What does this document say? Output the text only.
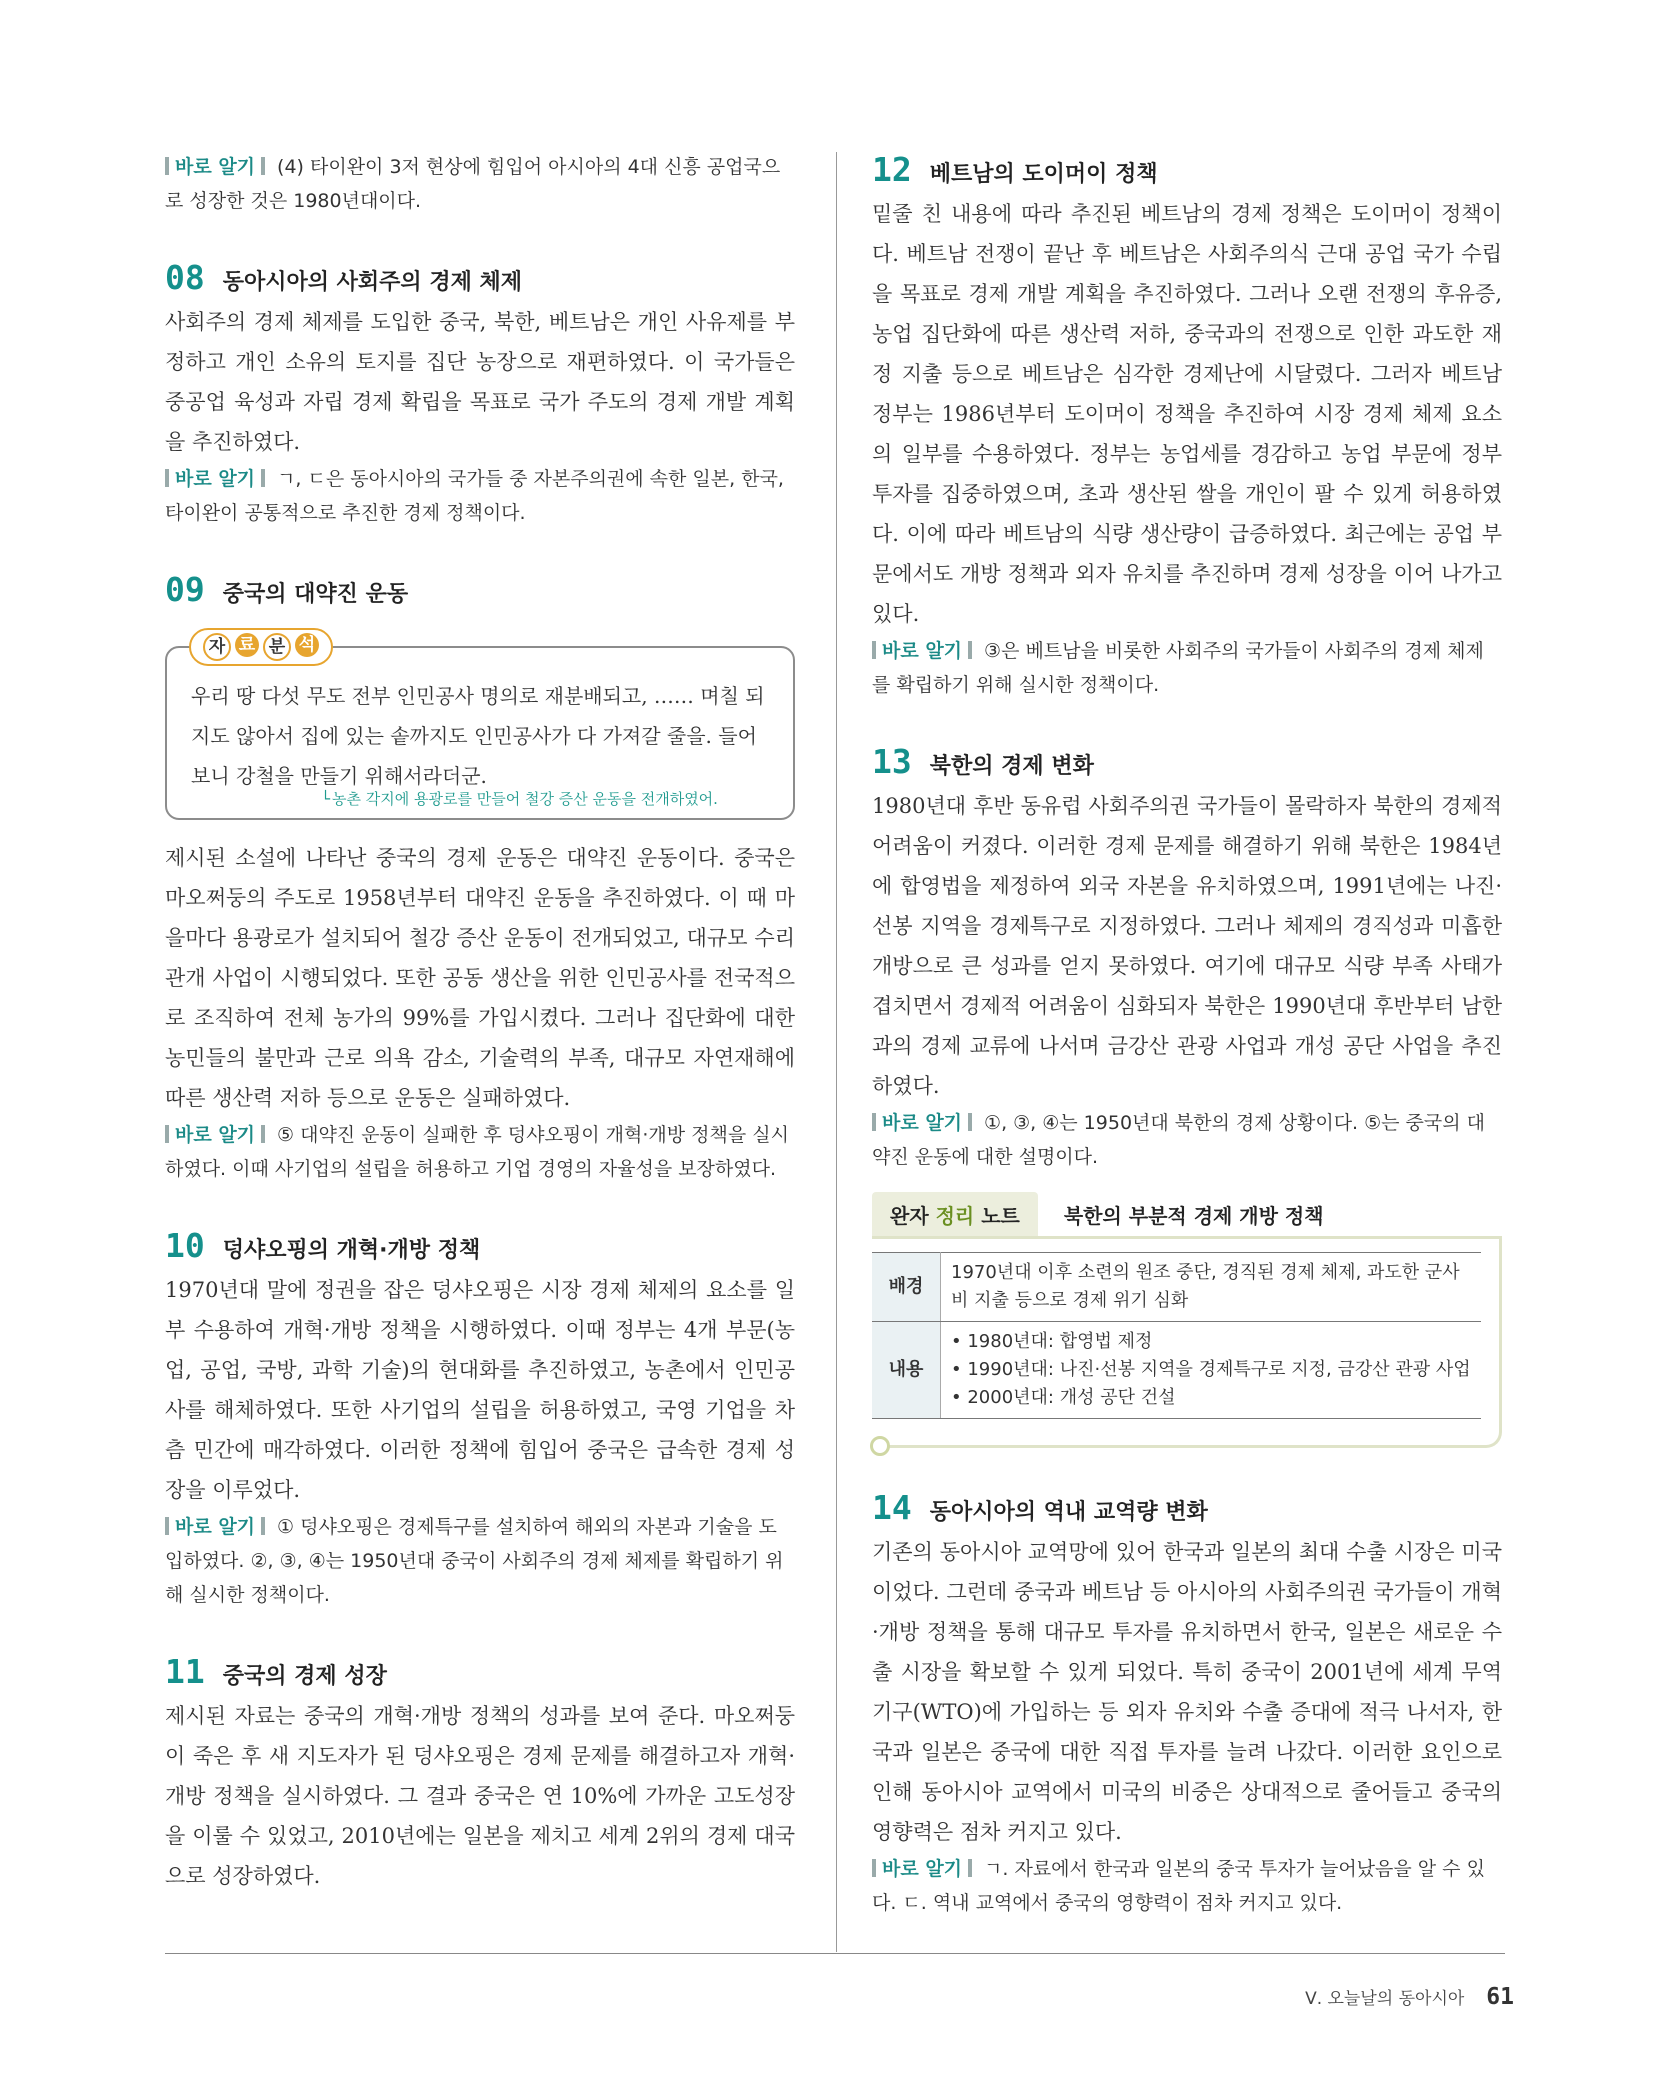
바로 알기 (4) 타이완이 3저 현상에 힘입어 아시아의 4대 신흥 공업국으로 성장한 것은 1980년대이다.

08 동아시아의 사회주의 경제 체제

사회주의 경제 체제를 도입한 중국, 북한, 베트남은 개인 사유제를 부정하고 개인 소유의 토지를 집단 농장으로 재편하였다. 이 국가들은 중공업 육성과 자립 경제 확립을 목표로 국가 주도의 경제 개발 계획을 추진하였다.

바로 알기 ㄱ, ㄷ은 동아시아의 국가들 중 자본주의권에 속한 일본, 한국, 타이완이 공통적으로 추진한 경제 정책이다.

09 중국의 대약진 운동
자 료 분 석

우리 땅 다섯 무도 전부 인민공사 명의로 재분배되고, …… 며칠 되지도 않아서 집에 있는 솥까지도 인민공사가 다 가져갈 줄을. 들어 보니 강철을 만들기 위해서라더군.

└ 농촌 각지에 용광로를 만들어 철강 증산 운동을 전개하였어.

제시된 소설에 나타난 중국의 경제 운동은 대약진 운동이다. 중국은 마오쩌둥의 주도로 1958년부터 대약진 운동을 추진하였다. 이 때 마을마다 용광로가 설치되어 철강 증산 운동이 전개되었고, 대규모 수리 관개 사업이 시행되었다. 또한 공동 생산을 위한 인민공사를 전국적으로 조직하여 전체 농가의 99%를 가입시켰다. 그러나 집단화에 대한 농민들의 불만과 근로 의욕 감소, 기술력의 부족, 대규모 자연재해에 따른 생산력 저하 등으로 운동은 실패하였다.

바로 알기 ⑤ 대약진 운동이 실패한 후 덩샤오핑이 개혁·개방 정책을 실시하였다. 이때 사기업의 설립을 허용하고 기업 경영의 자율성을 보장하였다.

10 덩샤오핑의 개혁·개방 정책

1970년대 말에 정권을 잡은 덩샤오핑은 시장 경제 체제의 요소를 일부 수용하여 개혁·개방 정책을 시행하였다. 이때 정부는 4개 부문(농업, 공업, 국방, 과학 기술)의 현대화를 추진하였고, 농촌에서 인민공사를 해체하였다. 또한 사기업의 설립을 허용하였고, 국영 기업을 차츰 민간에 매각하였다. 이러한 정책에 힘입어 중국은 급속한 경제 성장을 이루었다.

바로 알기 ① 덩샤오핑은 경제특구를 설치하여 해외의 자본과 기술을 도입하였다. ②, ③, ④는 1950년대 중국이 사회주의 경제 체제를 확립하기 위해 실시한 정책이다.

11 중국의 경제 성장

제시된 자료는 중국의 개혁·개방 정책의 성과를 보여 준다. 마오쩌둥이 죽은 후 새 지도자가 된 덩샤오핑은 경제 문제를 해결하고자 개혁·개방 정책을 실시하였다. 그 결과 중국은 연 10%에 가까운 고도성장을 이룰 수 있었고, 2010년에는 일본을 제치고 세계 2위의 경제 대국으로 성장하였다.

12 베트남의 도이머이 정책

밑줄 친 내용에 따라 추진된 베트남의 경제 정책은 도이머이 정책이다. 베트남 전쟁이 끝난 후 베트남은 사회주의식 근대 공업 국가 수립을 목표로 경제 개발 계획을 추진하였다. 그러나 오랜 전쟁의 후유증, 농업 집단화에 따른 생산력 저하, 중국과의 전쟁으로 인한 과도한 재정 지출 등으로 베트남은 심각한 경제난에 시달렸다. 그러자 베트남 정부는 1986년부터 도이머이 정책을 추진하여 시장 경제 체제 요소의 일부를 수용하였다. 정부는 농업세를 경감하고 농업 부문에 정부 투자를 집중하였으며, 초과 생산된 쌀을 개인이 팔 수 있게 허용하였다. 이에 따라 베트남의 식량 생산량이 급증하였다. 최근에는 공업 부문에서도 개방 정책과 외자 유치를 추진하며 경제 성장을 이어 나가고 있다.

바로 알기 ③은 베트남을 비롯한 사회주의 국가들이 사회주의 경제 체제를 확립하기 위해 실시한 정책이다.

13 북한의 경제 변화

1980년대 후반 동유럽 사회주의권 국가들이 몰락하자 북한의 경제적 어려움이 커졌다. 이러한 경제 문제를 해결하기 위해 북한은 1984년에 합영법을 제정하여 외국 자본을 유치하였으며, 1991년에는 나진·선봉 지역을 경제특구로 지정하였다. 그러나 체제의 경직성과 미흡한 개방으로 큰 성과를 얻지 못하였다. 여기에 대규모 식량 부족 사태가 겹치면서 경제적 어려움이 심화되자 북한은 1990년대 후반부터 남한과의 경제 교류에 나서며 금강산 관광 사업과 개성 공단 사업을 추진하였다.

바로 알기 ①, ③, ④는 1950년대 북한의 경제 상황이다. ⑤는 중국의 대약진 운동에 대한 설명이다.

완자 정리 노트	북한의 부분적 경제 개방 정책
배경	1970년대 이후 소련의 원조 중단, 경직된 경제 체제, 과도한 군사비 지출 등으로 경제 위기 심화

내용	• 1980년대: 합영법 제정
• 1990년대: 나진·선봉 지역을 경제특구로 지정, 금강산 관광 사업
• 2000년대: 개성 공단 건설
14 동아시아의 역내 교역량 변화

기존의 동아시아 교역망에 있어 한국과 일본의 최대 수출 시장은 미국이었다. 그런데 중국과 베트남 등 아시아의 사회주의권 국가들이 개혁·개방 정책을 통해 대규모 투자를 유치하면서 한국, 일본은 새로운 수출 시장을 확보할 수 있게 되었다. 특히 중국이 2001년에 세계 무역 기구(WTO)에 가입하는 등 외자 유치와 수출 증대에 적극 나서자, 한국과 일본은 중국에 대한 직접 투자를 늘려 나갔다. 이러한 요인으로 인해 동아시아 교역에서 미국의 비중은 상대적으로 줄어들고 중국의 영향력은 점차 커지고 있다.

바로 알기 ㄱ. 자료에서 한국과 일본의 중국 투자가 늘어났음을 알 수 있다. ㄷ. 역내 교역에서 중국의 영향력이 점차 커지고 있다.

Ⅴ. 오늘날의 동아시아 61
